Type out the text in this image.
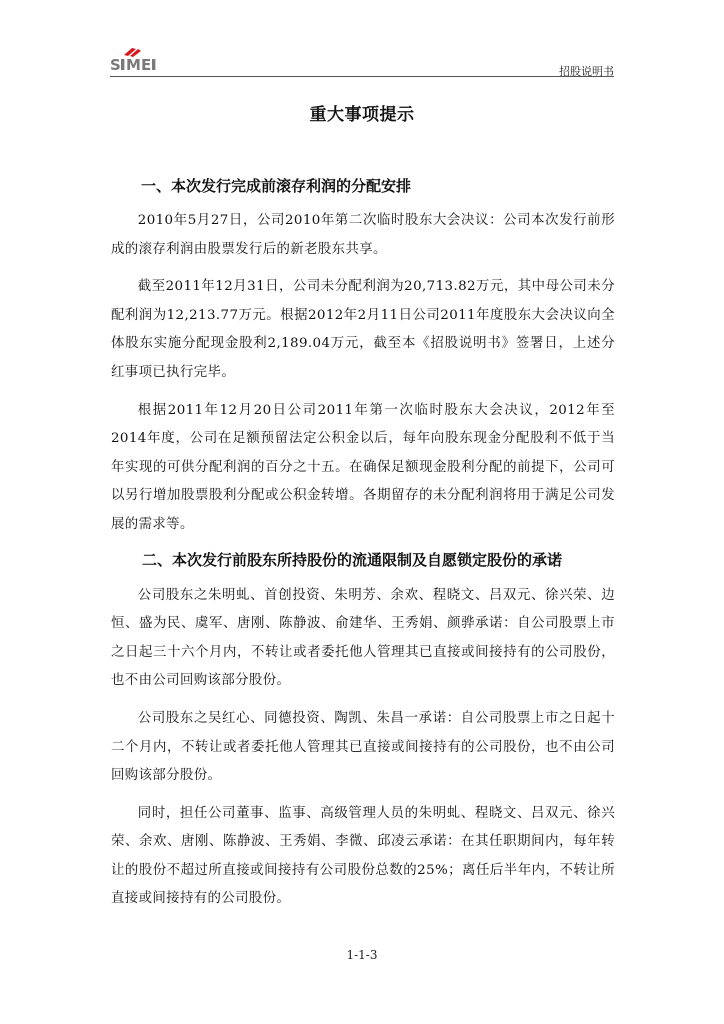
S M E	招股说明书
重大事项提示
一、本次发行完成前滚存利润的分配安排

2010年5月27日，公司2010年第二次临时股东大会决议：公司本次发行前形成的滚存利润由股票发行后的新老股东共享。

截至2011年12月31日，公司未分配利润为20,713.82万元，其中母公司未分配利润为12,213.77万元。根据2012年2月11日公司2011年度股东大会决议向全体股东实施分配现金股利2,189.04万元，截至本《招股说明书》签署日，上述分红事项已执行完毕。

根据2011年12月20日公司2011年第一次临时股东大会决议，2012年至2014年度，公司在足额预留法定公积金以后，每年向股东现金分配股利不低于当年实现的可供分配利润的百分之十五。在确保足额现金股利分配的前提下，公司可以另行增加股票股利分配或公积金转增。各期留存的未分配利润将用于满足公司发展的需求等。

二、本次发行前股东所持股份的流通限制及自愿锁定股份的承诺

公司股东之朱明虬、首创投资、朱明芳、余欢、程晓文、吕双元、徐兴荣、边恒、盛为民、虞军、唐刚、陈静波、俞建华、王秀娟、颜骅承诺：自公司股票上市之日起三十六个月内，不转让或者委托他人管理其已直接或间接持有的公司股份，也不由公司回购该部分股份。

公司股东之吴红心、同德投资、陶凯、朱昌一承诺：自公司股票上市之日起十二个月内，不转让或者委托他人管理其已直接或间接持有的公司股份，也不由公司回购该部分股份。

同时，担任公司董事、监事、高级管理人员的朱明虬、程晓文、吕双元、徐兴荣、余欢、唐刚、陈静波、王秀娟、李微、邱凌云承诺：在其任职期间内，每年转让的股份不超过所直接或间接持有公司股份总数的25%；离任后半年内，不转让所直接或间接持有的公司股份。

1-1-3
